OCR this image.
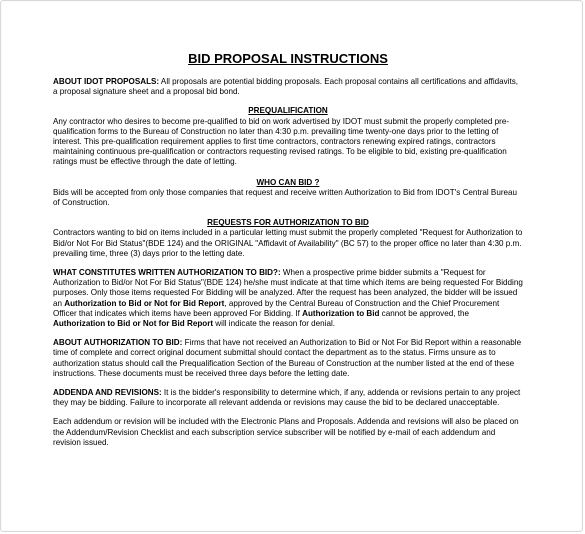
BID PROPOSAL INSTRUCTIONS

ABOUT IDOT PROPOSALS: All proposals are potential bidding proposals. Each proposal contains all certifications and affidavits, a proposal signature sheet and a proposal bid bond.

PREQUALIFICATION

Any contractor who desires to become pre-qualified to bid on work advertised by IDOT must submit the properly completed pre-qualification forms to the Bureau of Construction no later than 4:30 p.m. prevailing time twenty-one days prior to the letting of interest. This pre-qualification requirement applies to first time contractors, contractors renewing expired ratings, contractors maintaining continuous pre-qualification or contractors requesting revised ratings. To be eligible to bid, existing pre-qualification ratings must be effective through the date of letting.

WHO CAN BID ?

Bids will be accepted from only those companies that request and receive written Authorization to Bid from IDOT's Central Bureau of Construction.

REQUESTS FOR AUTHORIZATION TO BID

Contractors wanting to bid on items included in a particular letting must submit the properly completed "Request for Authorization to Bid/or Not For Bid Status"(BDE 124) and the ORIGINAL "Affidavit of Availability" (BC 57) to the proper office no later than 4:30 p.m. prevailing time, three (3) days prior to the letting date.

WHAT CONSTITUTES WRITTEN AUTHORIZATION TO BID?: When a prospective prime bidder submits a "Request for Authorization to Bid/or Not For Bid Status"(BDE 124) he/she must indicate at that time which items are being requested For Bidding purposes. Only those items requested For Bidding will be analyzed. After the request has been analyzed, the bidder will be issued an Authorization to Bid or Not for Bid Report, approved by the Central Bureau of Construction and the Chief Procurement Officer that indicates which items have been approved For Bidding. If Authorization to Bid cannot be approved, the Authorization to Bid or Not for Bid Report will indicate the reason for denial.

ABOUT AUTHORIZATION TO BID: Firms that have not received an Authorization to Bid or Not For Bid Report within a reasonable time of complete and correct original document submittal should contact the department as to the status. Firms unsure as to authorization status should call the Prequalification Section of the Bureau of Construction at the number listed at the end of these instructions. These documents must be received three days before the letting date.

ADDENDA AND REVISIONS: It is the bidder's responsibility to determine which, if any, addenda or revisions pertain to any project they may be bidding. Failure to incorporate all relevant addenda or revisions may cause the bid to be declared unacceptable.

Each addendum or revision will be included with the Electronic Plans and Proposals. Addenda and revisions will also be placed on the Addendum/Revision Checklist and each subscription service subscriber will be notified by e-mail of each addendum and revision issued.
